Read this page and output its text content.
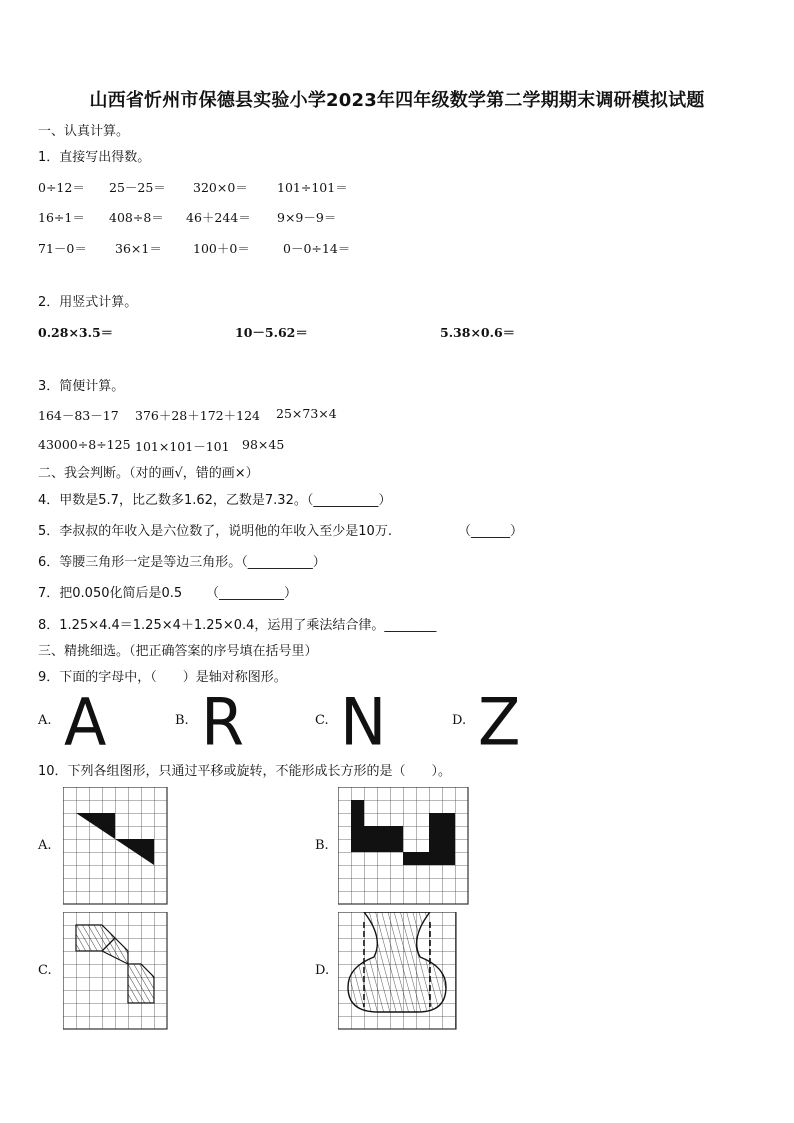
山西省忻州市保德县实验小学2023年四年级数学第二学期期末调研模拟试题
一、认真计算。
1．直接写出得数。
0÷12＝ 25－25＝ 320×0＝ 101÷101＝
16÷1＝ 408÷8＝ 46＋244＝ 9×9－9＝
71－0＝ 36×1＝ 100＋0＝	0－0÷14＝
2．用竖式计算。
0.28×3.5＝	10－5.62＝	5.38×0.6＝
3．简便计算。
164－83－17 376＋28＋172＋124 25×73×4
43000÷8÷125 101×101－101 98×45
二、我会判断。（对的画√，错的画×）
4．甲数是5.7，比乙数多1.62，乙数是7.32。（__________）
5．李叔叔的年收入是六位数了，说明他的年收入至少是10万.	（______）
6．等腰三角形一定是等边三角形。（__________）
7．把0.050化简后是0.5 （__________）
8．1.25×4.4＝1.25×4＋1.25×0.4，运用了乘法结合律。________
三、精挑细选。（把正确答案的序号填在括号里）
9．下面的字母中，（　　）是轴对称图形。
A. A	B. R	C. N	D. Z
10．下列各组图形，只通过平移或旋转，不能形成长方形的是（　　）。
A.	B.
C.	D.
